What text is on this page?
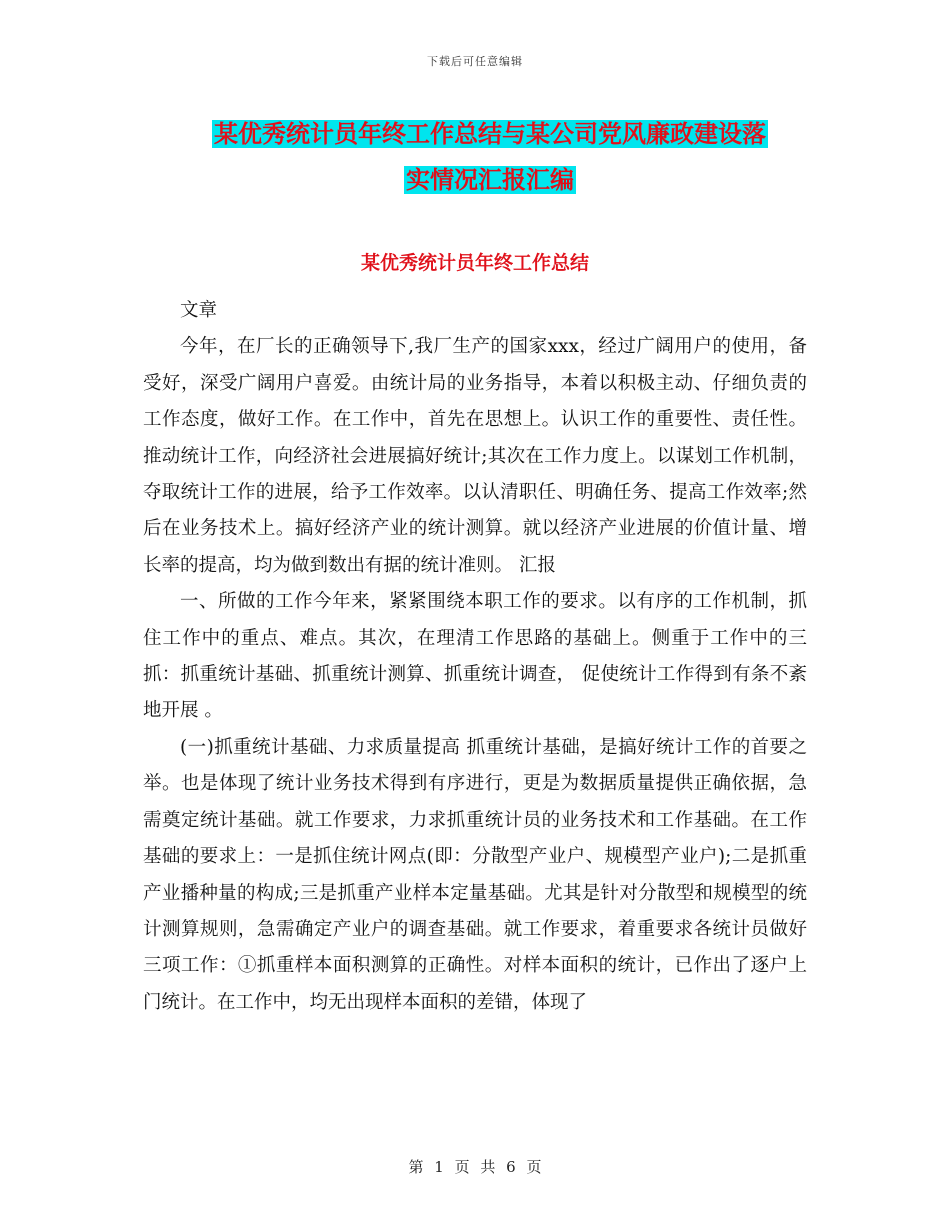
下载后可任意编辑
某优秀统计员年终工作总结与某公司党风廉政建设落
实情况汇报汇编
某优秀统计员年终工作总结

文章

今年，在厂长的正确领导下,我厂生产的国家xxx，经过广阔用户的使用，备受好，深受广阔用户喜爱。由统计局的业务指导，本着以积极主动、仔细负责的工作态度，做好工作。在工作中，首先在思想上。认识工作的重要性、责任性。推动统计工作，向经济社会进展搞好统计;其次在工作力度上。以谋划工作机制，夺取统计工作的进展，给予工作效率。以认清职任、明确任务、提高工作效率;然后在业务技术上。搞好经济产业的统计测算。就以经济产业进展的价值计量、增长率的提高，均为做到数出有据的统计准则。 汇报

一、所做的工作今年来，紧紧围绕本职工作的要求。以有序的工作机制，抓住工作中的重点、难点。其次，在理清工作思路的基础上。侧重于工作中的三抓：抓重统计基础、抓重统计测算、抓重统计调查， 促使统计工作得到有条不紊地开展 。

(一)抓重统计基础、力求质量提高 抓重统计基础，是搞好统计工作的首要之举。也是体现了统计业务技术得到有序进行，更是为数据质量提供正确依据，急需奠定统计基础。就工作要求，力求抓重统计员的业务技术和工作基础。在工作基础的要求上：一是抓住统计网点(即：分散型产业户、规模型产业户);二是抓重产业播种量的构成;三是抓重产业样本定量基础。尤其是针对分散型和规模型的统计测算规则，急需确定产业户的调查基础。就工作要求，着重要求各统计员做好三项工作：①抓重样本面积测算的正确性。对样本面积的统计，已作出了逐户上门统计。在工作中，均无出现样本面积的差错，体现了

第 1 页 共 6 页
